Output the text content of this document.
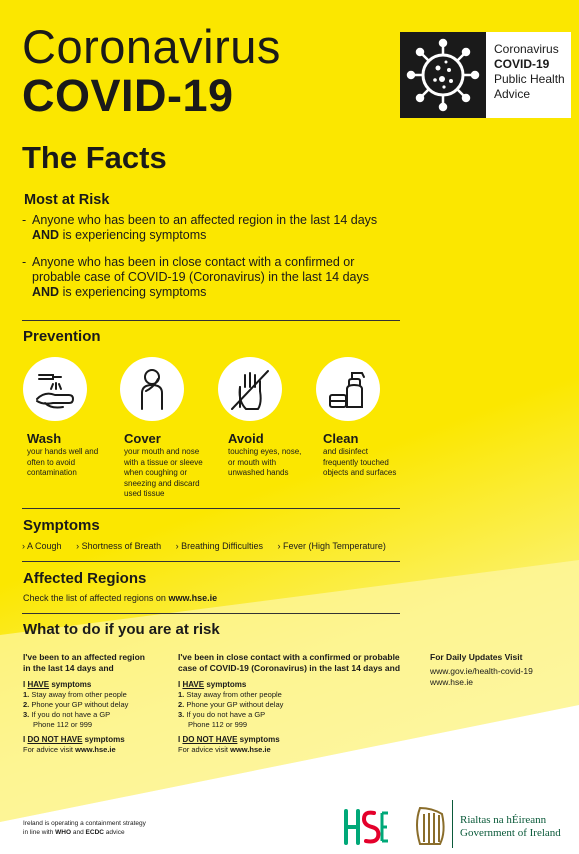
Coronavirus
COVID-19
The Facts
Coronavirus
COVID-19
Public Health
Advice
Most at Risk
- Anyone who has been to an affected region in the last 14 days
AND is experiencing symptoms
- Anyone who has been in close contact with a confirmed or
probable case of COVID-19 (Coronavirus) in the last 14 days
AND is experiencing symptoms
Prevention
Wash
your hands well and
often to avoid
contamination
Cover
your mouth and nose
with a tissue or sleeve
when coughing or
sneezing and discard
used tissue
Avoid
touching eyes, nose,
or mouth with
unwashed hands
Clean
and disinfect
frequently touched
objects and surfaces
Symptoms
› A Cough › Shortness of Breath › Breathing Difficulties › Fever (High Temperature)
Affected Regions
Check the list of affected regions on www.hse.ie
What to do if you are at risk
I've been to an affected region
in the last 14 days and
I HAVE symptoms
1. Stay away from other people
2. Phone your GP without delay
3. If you do not have a GP
Phone 112 or 999
I DO NOT HAVE symptoms
For advice visit www.hse.ie
I've been in close contact with a confirmed or probable
case of COVID-19 (Coronavirus) in the last 14 days and
I HAVE symptoms
1. Stay away from other people
2. Phone your GP without delay
3. If you do not have a GP
Phone 112 or 999
I DO NOT HAVE symptoms
For advice visit www.hse.ie
For Daily Updates Visit
www.gov.ie/health-covid-19
www.hse.ie
Ireland is operating a containment strategy
in line with WHO and ECDC advice
Rialtas na hÉireann
Government of Ireland
